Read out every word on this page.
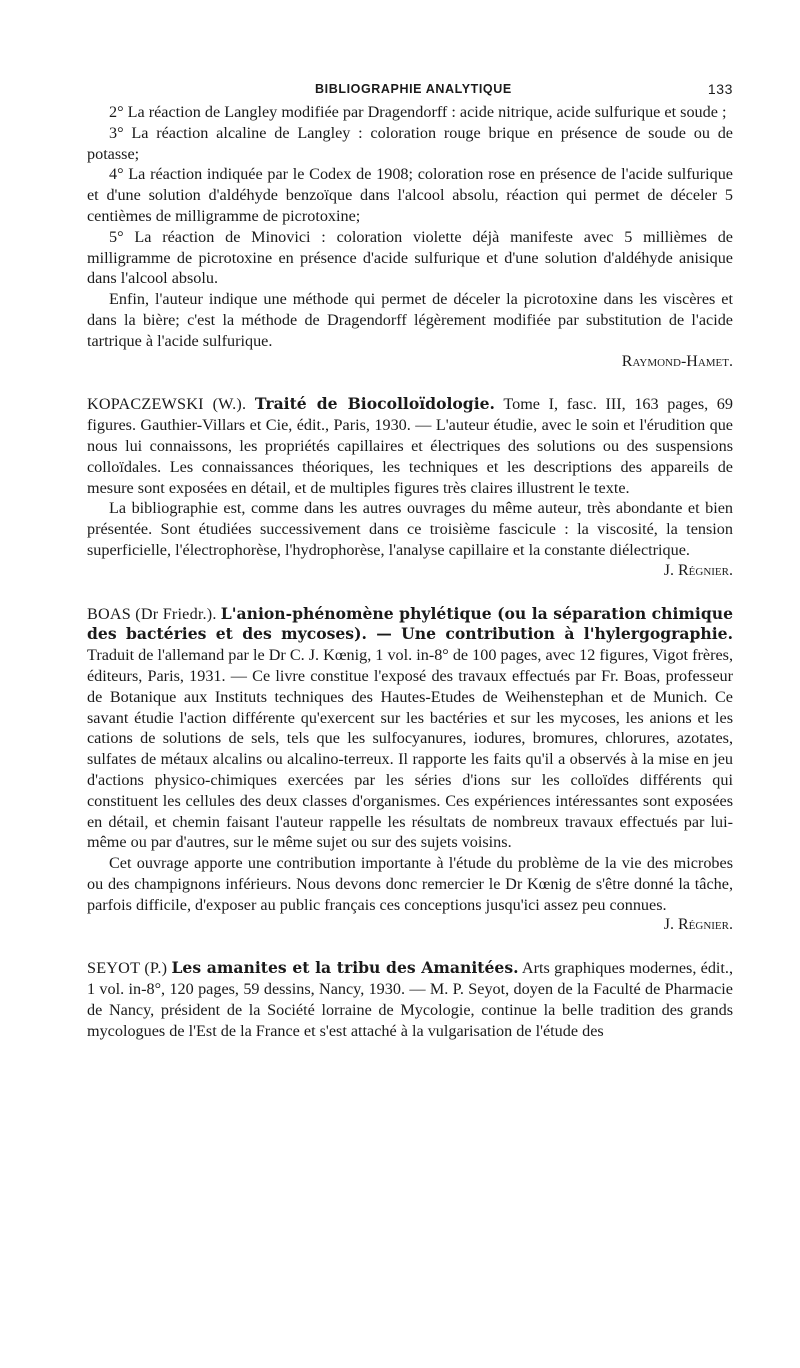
BIBLIOGRAPHIE ANALYTIQUE	133

2° La réaction de Langley modifiée par Dragendorff : acide nitrique, acide sulfurique et soude ;

3° La réaction alcaline de Langley : coloration rouge brique en présence de soude ou de potasse;

4° La réaction indiquée par le Codex de 1908; coloration rose en présence de l'acide sulfurique et d'une solution d'aldéhyde benzoïque dans l'alcool absolu, réaction qui permet de déceler 5 centièmes de milligramme de picrotoxine;

5° La réaction de Minovici : coloration violette déjà manifeste avec 5 millièmes de milligramme de picrotoxine en présence d'acide sulfurique et d'une solution d'aldéhyde anisique dans l'alcool absolu.

Enfin, l'auteur indique une méthode qui permet de déceler la picrotoxine dans les viscères et dans la bière; c'est la méthode de Dragendorff légèrement modifiée par substitution de l'acide tartrique à l'acide sulfurique.

Raymond-Hamet.

KOPACZEWSKI (W.). Traité de Biocolloïdologie. Tome I, fasc. III, 163 pages, 69 figures. Gauthier-Villars et Cie, édit., Paris, 1930. — L'auteur étudie, avec le soin et l'érudition que nous lui connaissons, les propriétés capillaires et électriques des solutions ou des suspensions colloïdales. Les connaissances théoriques, les techniques et les descriptions des appareils de mesure sont exposées en détail, et de multiples figures très claires illustrent le texte.

La bibliographie est, comme dans les autres ouvrages du même auteur, très abondante et bien présentée. Sont étudiées successivement dans ce troisième fascicule : la viscosité, la tension superficielle, l'électrophorèse, l'hydrophorèse, l'analyse capillaire et la constante diélectrique.

J. Régnier.

BOAS (Dr Friedr.). L'anion-phénomène phylétique (ou la séparation chimique des bactéries et des mycoses). — Une contribution à l'hylergographie. Traduit de l'allemand par le Dr C. J. Kœnig, 1 vol. in-8° de 100 pages, avec 12 figures, Vigot frères, éditeurs, Paris, 1931. — Ce livre constitue l'exposé des travaux effectués par Fr. Boas, professeur de Botanique aux Instituts techniques des Hautes-Etudes de Weihenstephan et de Munich. Ce savant étudie l'action différente qu'exercent sur les bactéries et sur les mycoses, les anions et les cations de solutions de sels, tels que les sulfocyanures, iodures, bromures, chlorures, azotates, sulfates de métaux alcalins ou alcalino-terreux. Il rapporte les faits qu'il a observés à la mise en jeu d'actions physico-chimiques exercées par les séries d'ions sur les colloïdes différents qui constituent les cellules des deux classes d'organismes. Ces expériences intéressantes sont exposées en détail, et chemin faisant l'auteur rappelle les résultats de nombreux travaux effectués par lui-même ou par d'autres, sur le même sujet ou sur des sujets voisins.

Cet ouvrage apporte une contribution importante à l'étude du problème de la vie des microbes ou des champignons inférieurs. Nous devons donc remercier le Dr Kœnig de s'être donné la tâche, parfois difficile, d'exposer au public français ces conceptions jusqu'ici assez peu connues.

J. Régnier.

SEYOT (P.) Les amanites et la tribu des Amanitées. Arts graphiques modernes, édit., 1 vol. in-8°, 120 pages, 59 dessins, Nancy, 1930. — M. P. Seyot, doyen de la Faculté de Pharmacie de Nancy, président de la Société lorraine de Mycologie, continue la belle tradition des grands mycologues de l'Est de la France et s'est attaché à la vulgarisation de l'étude des
